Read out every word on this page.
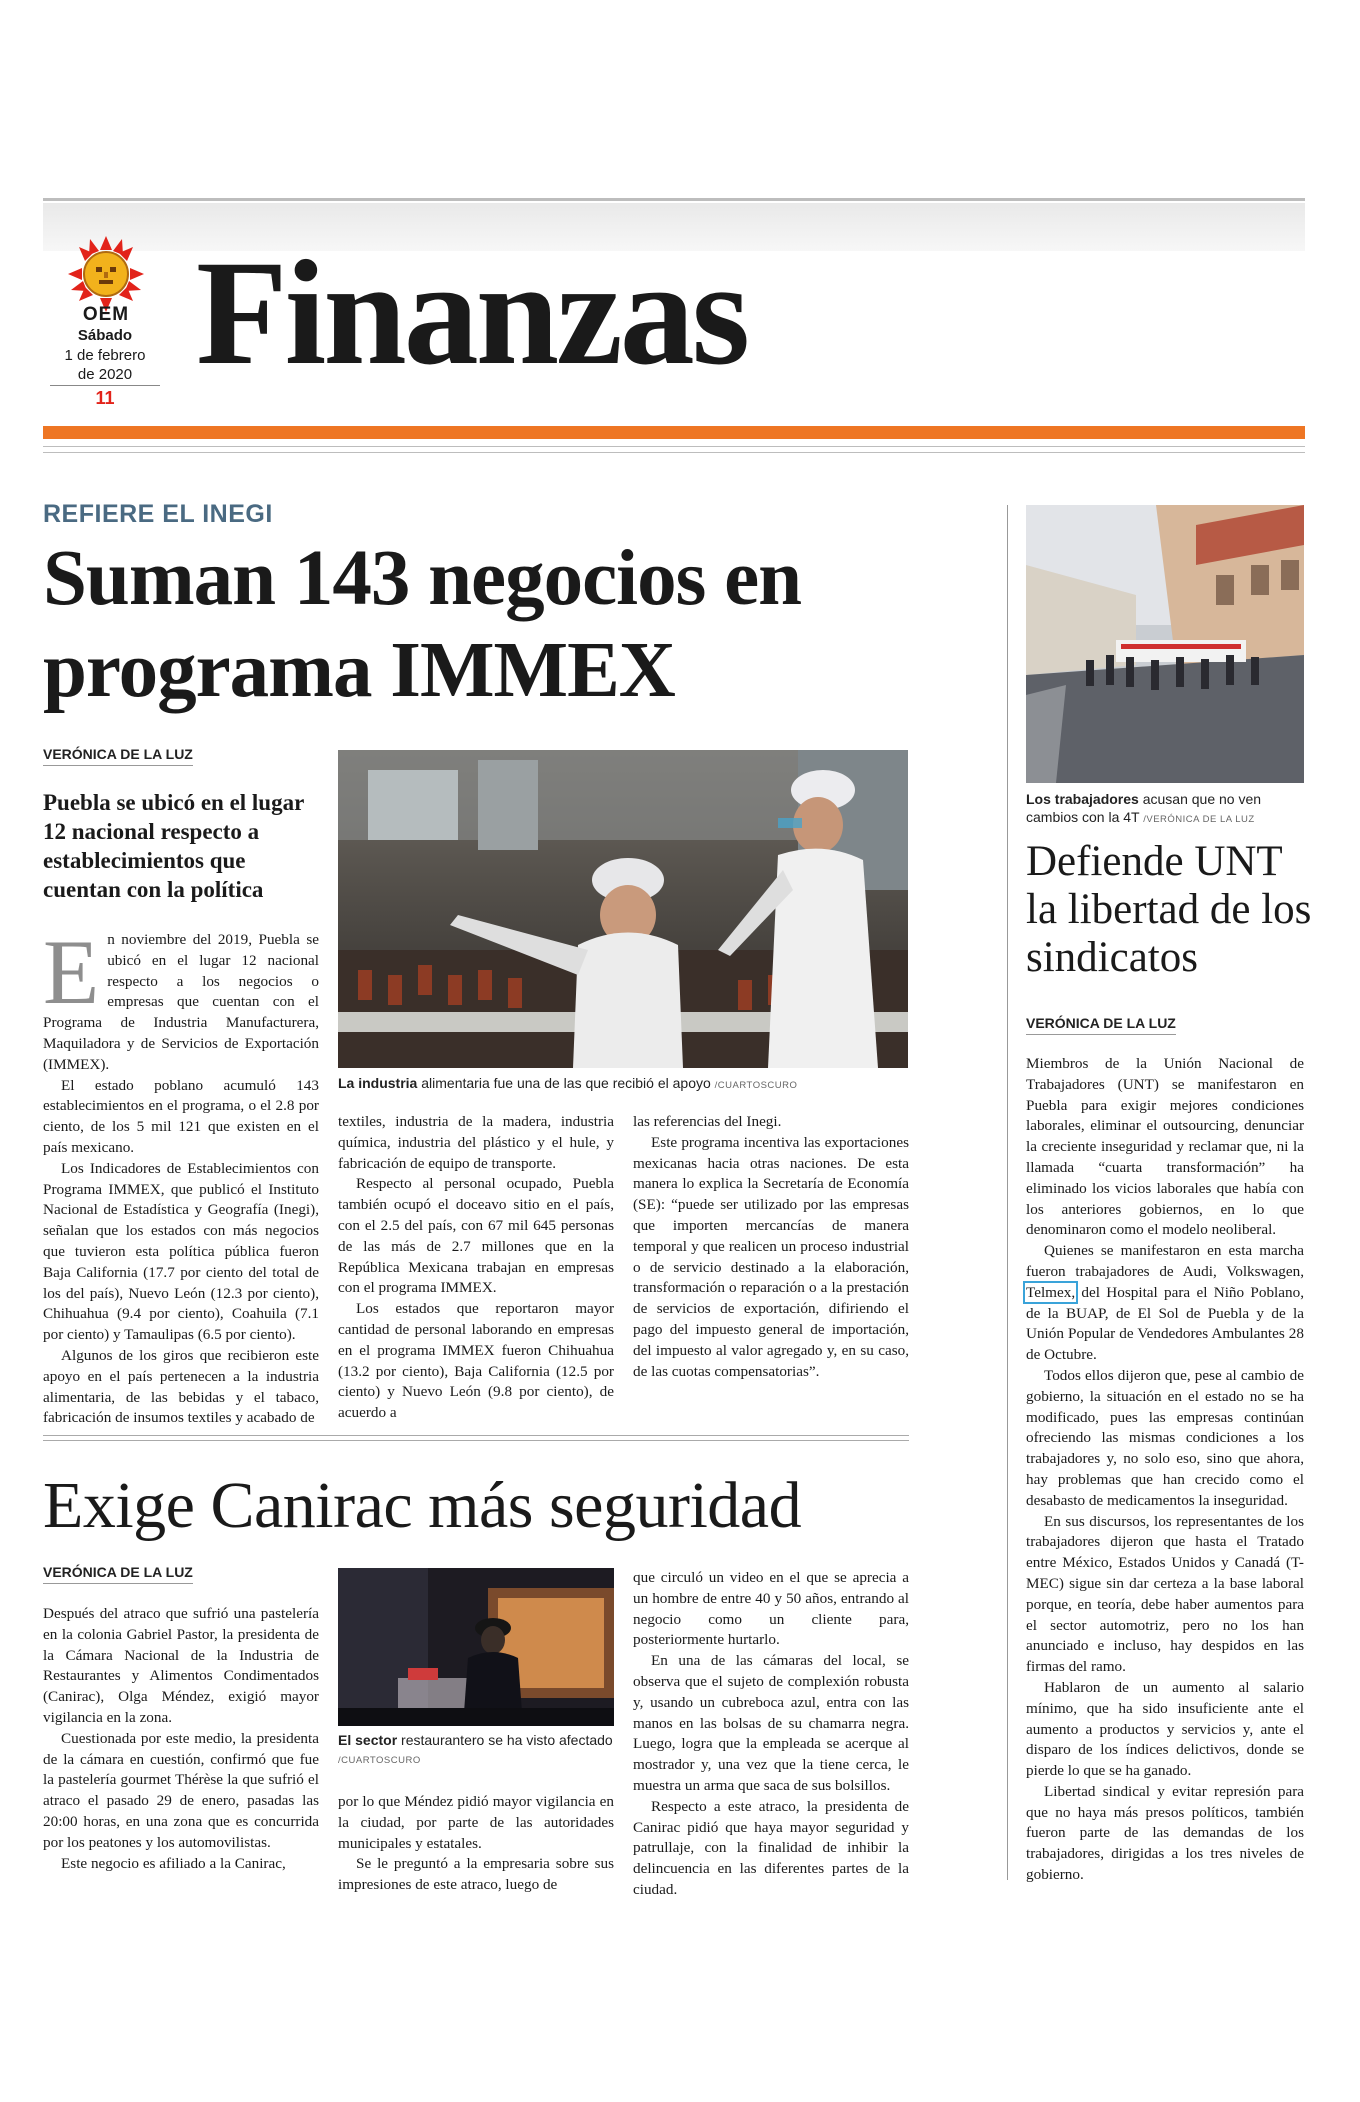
OEM
Sábado
1 de febrero
de 2020
11
Finanzas
REFIERE EL INEGI
Suman 143 negocios en programa IMMEX
VERÓNICA DE LA LUZ
Puebla se ubicó en el lugar 12 nacional respecto a establecimientos que cuentan con la política

En noviembre del 2019, Puebla se ubicó en el lugar 12 nacional respecto a los negocios o empresas que cuentan con el Programa de Industria Manufacturera, Maquiladora y de Servicios de Exportación (IMMEX).

El estado poblano acumuló 143 establecimientos en el programa, o el 2.8 por ciento, de los 5 mil 121 que existen en el país mexicano.

Los Indicadores de Establecimientos con Programa IMMEX, que publicó el Instituto Nacional de Estadística y Geografía (Inegi), señalan que los estados con más negocios que tuvieron esta política pública fueron Baja California (17.7 por ciento del total de los del país), Nuevo León (12.3 por ciento), Chihuahua (9.4 por ciento), Coahuila (7.1 por ciento) y Tamaulipas (6.5 por ciento).

Algunos de los giros que recibieron este apoyo en el país pertenecen a la industria alimentaria, de las bebidas y el tabaco, fabricación de insumos textiles y acabado de

La industria alimentaria fue una de las que recibió el apoyo /CUARTOSCURO

textiles, industria de la madera, industria química, industria del plástico y el hule, y fabricación de equipo de transporte.

Respecto al personal ocupado, Puebla también ocupó el doceavo sitio en el país, con el 2.5 del país, con 67 mil 645 personas de las más de 2.7 millones que en la República Mexicana trabajan en empresas con el programa IMMEX.

Los estados que reportaron mayor cantidad de personal laborando en empresas en el programa IMMEX fueron Chihuahua (13.2 por ciento), Baja California (12.5 por ciento) y Nuevo León (9.8 por ciento), de acuerdo a

las referencias del Inegi.

Este programa incentiva las exportaciones mexicanas hacia otras naciones. De esta manera lo explica la Secretaría de Economía (SE): “puede ser utilizado por las empresas que importen mercancías de manera temporal y que realicen un proceso industrial o de servicio destinado a la elaboración, transformación o reparación o a la prestación de servicios de exportación, difiriendo el pago del impuesto general de importación, del impuesto al valor agregado y, en su caso, de las cuotas compensatorias”.

Exige Canirac más seguridad
VERÓNICA DE LA LUZ

Después del atraco que sufrió una pastelería en la colonia Gabriel Pastor, la presidenta de la Cámara Nacional de la Industria de Restaurantes y Alimentos Condimentados (Canirac), Olga Méndez, exigió mayor vigilancia en la zona.

Cuestionada por este medio, la presidenta de la cámara en cuestión, confirmó que fue la pastelería gourmet Thérèse la que sufrió el atraco el pasado 29 de enero, pasadas las 20:00 horas, en una zona que es concurrida por los peatones y los automovilistas.

Este negocio es afiliado a la Canirac,

El sector restaurantero se ha visto afectado /CUARTOSCURO

por lo que Méndez pidió mayor vigilancia en la ciudad, por parte de las autoridades municipales y estatales.

Se le preguntó a la empresaria sobre sus impresiones de este atraco, luego de

que circuló un video en el que se aprecia a un hombre de entre 40 y 50 años, entrando al negocio como un cliente para, posteriormente hurtarlo.

En una de las cámaras del local, se observa que el sujeto de complexión robusta y, usando un cubreboca azul, entra con las manos en las bolsas de su chamarra negra. Luego, logra que la empleada se acerque al mostrador y, una vez que la tiene cerca, le muestra un arma que saca de sus bolsillos.

Respecto a este atraco, la presidenta de Canirac pidió que haya mayor seguridad y patrullaje, con la finalidad de inhibir la delincuencia en las diferentes partes de la ciudad.

Los trabajadores acusan que no ven cambios con la 4T /VERÓNICA DE LA LUZ
Defiende UNT la libertad de los sindicatos
VERÓNICA DE LA LUZ

Miembros de la Unión Nacional de Trabajadores (UNT) se manifestaron en Puebla para exigir mejores condiciones laborales, eliminar el outsourcing, denunciar la creciente inseguridad y reclamar que, ni la llamada “cuarta transformación” ha eliminado los vicios laborales que había con los anteriores gobiernos, en lo que denominaron como el modelo neoliberal.

Quienes se manifestaron en esta marcha fueron trabajadores de Audi, Volkswagen, Telmex, del Hospital para el Niño Poblano, de la BUAP, de El Sol de Puebla y de la Unión Popular de Vendedores Ambulantes 28 de Octubre.

Todos ellos dijeron que, pese al cambio de gobierno, la situación en el estado no se ha modificado, pues las empresas continúan ofreciendo las mismas condiciones a los trabajadores y, no solo eso, sino que ahora, hay problemas que han crecido como el desabasto de medicamentos la inseguridad.

En sus discursos, los representantes de los trabajadores dijeron que hasta el Tratado entre México, Estados Unidos y Canadá (T-MEC) sigue sin dar certeza a la base laboral porque, en teoría, debe haber aumentos para el sector automotriz, pero no los han anunciado e incluso, hay despidos en las firmas del ramo.

Hablaron de un aumento al salario mínimo, que ha sido insuficiente ante el aumento a productos y servicios y, ante el disparo de los índices delictivos, donde se pierde lo que se ha ganado.

Libertad sindical y evitar represión para que no haya más presos políticos, también fueron parte de las demandas de los trabajadores, dirigidas a los tres niveles de gobierno.
